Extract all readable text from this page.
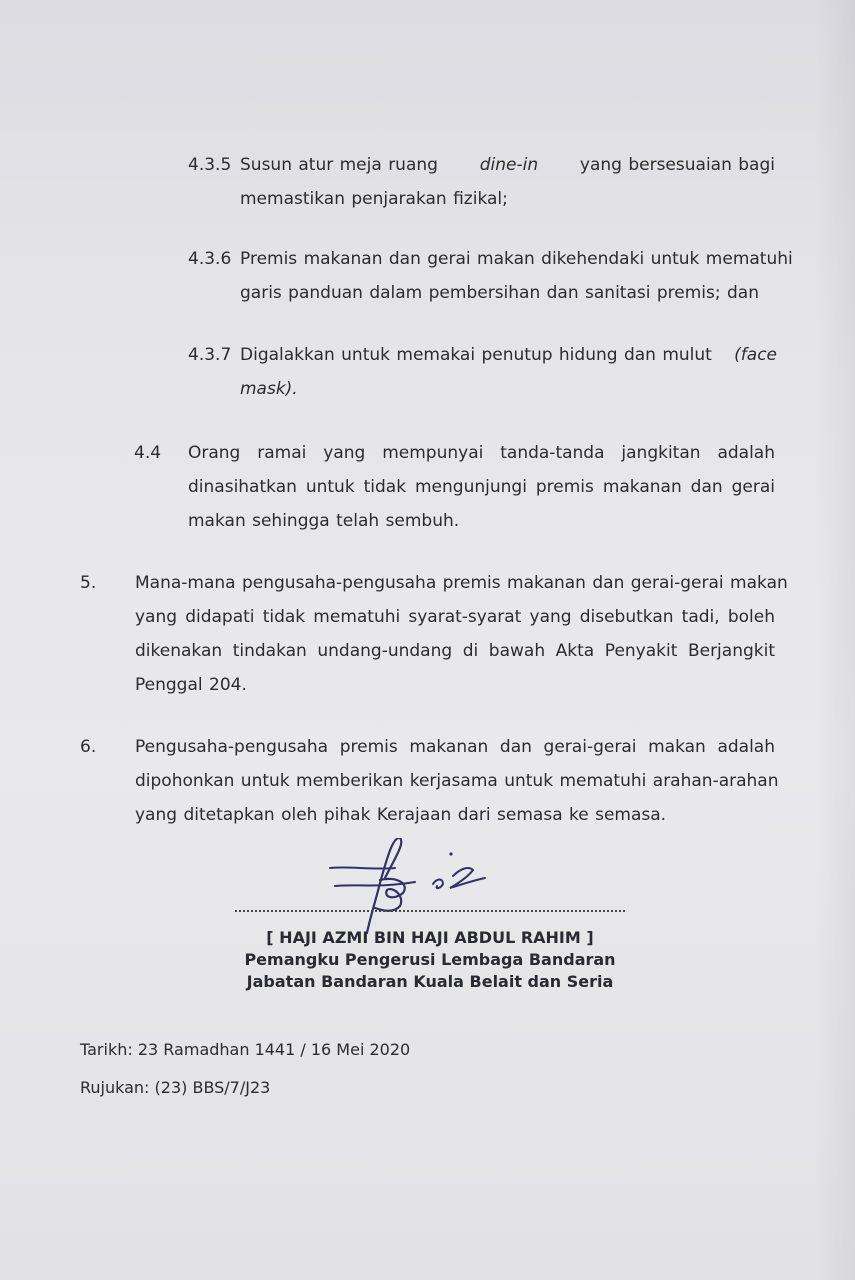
4.3.5 Susun atur meja ruang dine-in yang bersesuaian bagi
memastikan penjarakan fizikal;
4.3.6 Premis makanan dan gerai makan dikehendaki untuk mematuhi
garis panduan dalam pembersihan dan sanitasi premis; dan
4.3.7 Digalakkan untuk memakai penutup hidung dan mulut (face
mask).
4.4 Orang ramai yang mempunyai tanda-tanda jangkitan adalah
dinasihatkan untuk tidak mengunjungi premis makanan dan gerai
makan sehingga telah sembuh.
5. Mana-mana pengusaha-pengusaha premis makanan dan gerai-gerai makan
yang didapati tidak mematuhi syarat-syarat yang disebutkan tadi, boleh
dikenakan tindakan undang-undang di bawah Akta Penyakit Berjangkit
Penggal 204.
6. Pengusaha-pengusaha premis makanan dan gerai-gerai makan adalah
dipohonkan untuk memberikan kerjasama untuk mematuhi arahan-arahan
yang ditetapkan oleh pihak Kerajaan dari semasa ke semasa.
[ HAJI AZMI BIN HAJI ABDUL RAHIM ]
Pemangku Pengerusi Lembaga Bandaran
Jabatan Bandaran Kuala Belait dan Seria
Tarikh: 23 Ramadhan 1441 / 16 Mei 2020
Rujukan: (23) BBS/7/J23
